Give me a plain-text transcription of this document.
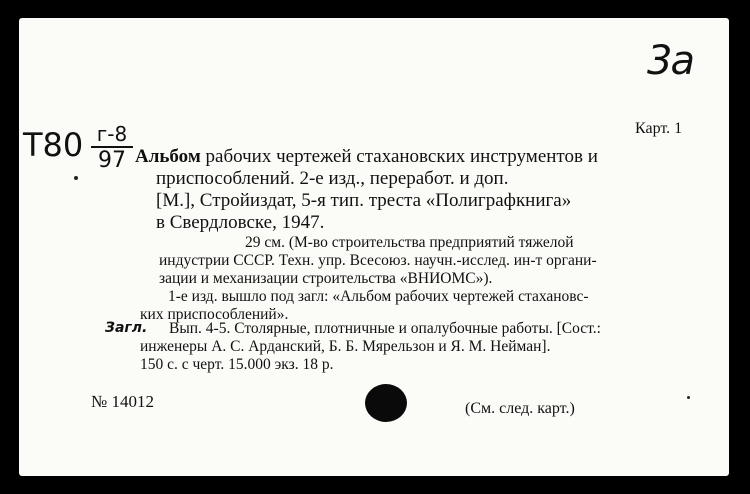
3а
Т80 г-8
97
Карт. 1
Альбом рабочих чертежей стахановских инструментов и
приспособлений. 2-е изд., переработ. и доп.
[М.], Стройиздат, 5-я тип. треста «Полиграфкнига»
в Свердловске, 1947.
29 см. (М-во строительства предприятий тяжелой
индустрии СССР. Техн. упр. Всесоюз. научн.-исслед. ин-т органи-
зации и механизации строительства «ВНИОМС»).
1-е изд. вышло под загл: «Альбом рабочих чертежей стахановс-
ких приспособлений».
Загл. Вып. 4-5. Столярные, плотничные и опалубочные работы. [Сост.:
инженеры А. С. Арданский, Б. Б. Мярельзон и Я. М. Нейман].
150 с. с черт. 15.000 экз. 18 р.
№ 14012	(См. след. карт.)
